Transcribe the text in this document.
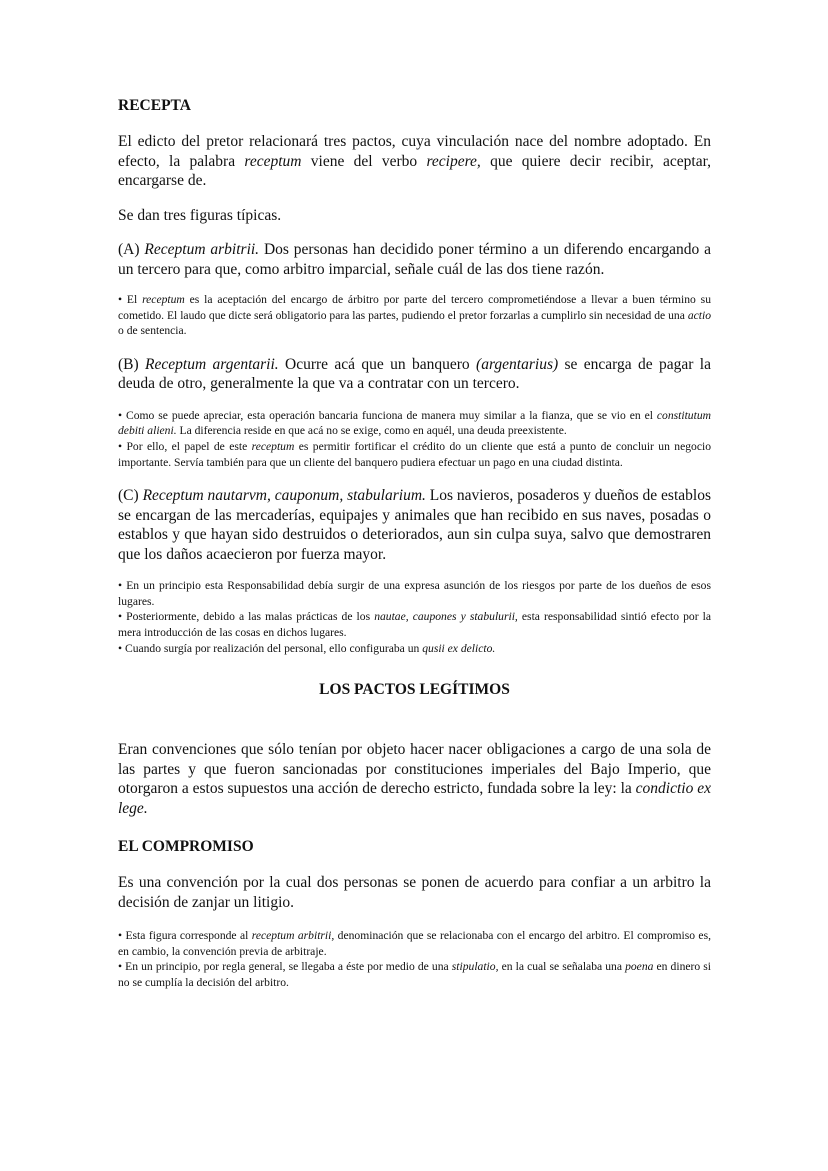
RECEPTA

El edicto del pretor relacionará tres pactos, cuya vinculación nace del nombre adoptado. En efecto, la palabra receptum viene del verbo recipere, que quiere decir recibir, aceptar, encargarse de.

Se dan tres figuras típicas.

(A) Receptum arbitrii. Dos personas han decidido poner término a un diferendo encargando a un tercero para que, como arbitro imparcial, señale cuál de las dos tiene razón.

• El receptum es la aceptación del encargo de árbitro por parte del tercero comprometiéndose a llevar a buen término su cometido. El laudo que dicte será obligatorio para las partes, pudiendo el pretor forzarlas a cumplirlo sin necesidad de una actio o de sentencia.

(B) Receptum argentarii. Ocurre acá que un banquero (argentarius) se encarga de pagar la deuda de otro, generalmente la que va a contratar con un tercero.

• Como se puede apreciar, esta operación bancaria funciona de manera muy similar a la fianza, que se vio en el constitutum debiti alieni. La diferencia reside en que acá no se exige, como en aquél, una deuda preexistente.

• Por ello, el papel de este receptum es permitir fortificar el crédito do un cliente que está a punto de concluir un negocio importante. Servía también para que un cliente del banquero pudiera efectuar un pago en una ciudad distinta.

(C) Receptum nautarvm, cauponum, stabularium. Los navieros, posaderos y dueños de establos se encargan de las mercaderías, equipajes y animales que han recibido en sus naves, posadas o establos y que hayan sido destruidos o deteriorados, aun sin culpa suya, salvo que demostraren que los daños acaecieron por fuerza mayor.

• En un principio esta Responsabilidad debía surgir de una expresa asunción de los riesgos por parte de los dueños de esos lugares.

• Posteriormente, debido a las malas prácticas de los nautae, caupones y stabulurii, esta responsabilidad sintió efecto por la mera introducción de las cosas en dichos lugares.

• Cuando surgía por realización del personal, ello configuraba un qusii ex delicto.

LOS PACTOS LEGÍTIMOS

Eran convenciones que sólo tenían por objeto hacer nacer obligaciones a cargo de una sola de las partes y que fueron sancionadas por constituciones imperiales del Bajo Imperio, que otorgaron a estos supuestos una acción de derecho estricto, fundada sobre la ley: la condictio ex lege.

EL COMPROMISO

Es una convención por la cual dos personas se ponen de acuerdo para confiar a un arbitro la decisión de zanjar un litigio.

• Esta figura corresponde al receptum arbitrii, denominación que se relacionaba con el encargo del arbitro. El compromiso es, en cambio, la convención previa de arbitraje.

• En un principio, por regla general, se llegaba a éste por medio de una stipulatio, en la cual se señalaba una poena en dinero si no se cumplía la decisión del arbitro.
